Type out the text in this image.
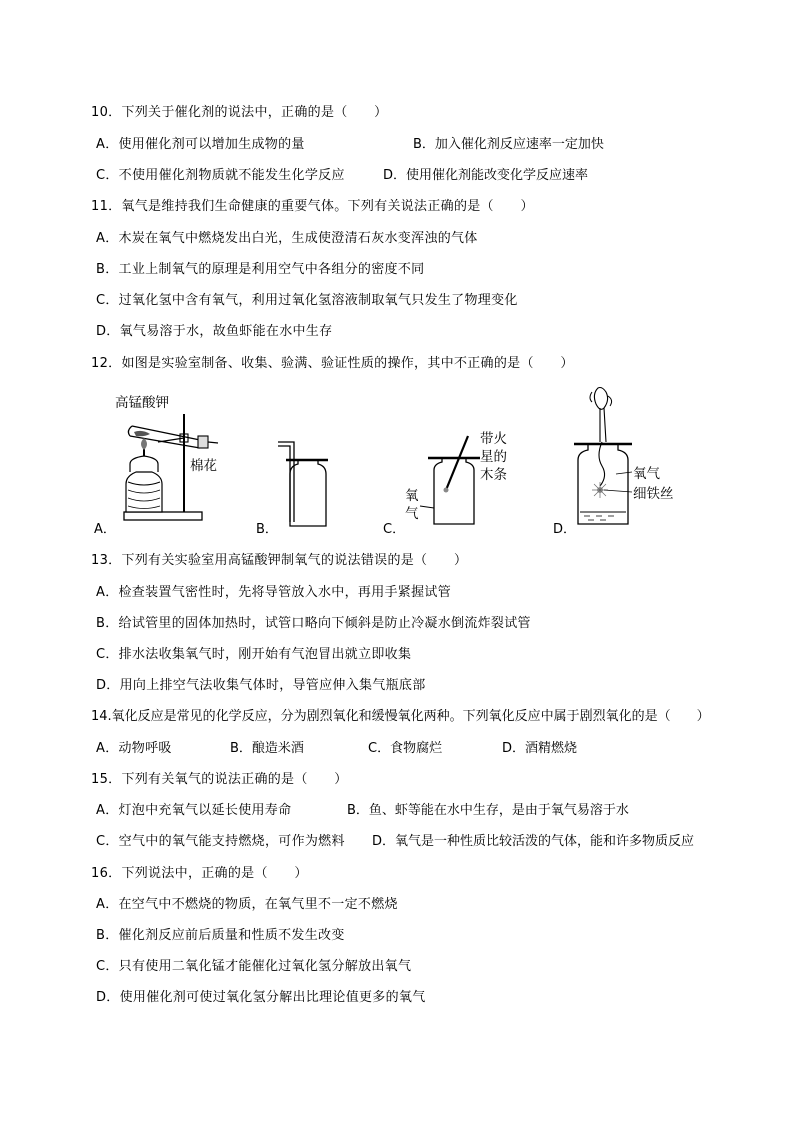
10．下列关于催化剂的说法中，正确的是（　　）
A．使用催化剂可以增加生成物的量	B．加入催化剂反应速率一定加快
C．不使用催化剂物质就不能发生化学反应	D．使用催化剂能改变化学反应速率
11．氧气是维持我们生命健康的重要气体。下列有关说法正确的是（　　）
A．木炭在氧气中燃烧发出白光，生成使澄清石灰水变浑浊的气体
B．工业上制氧气的原理是利用空气中各组分的密度不同
C．过氧化氢中含有氧气，利用过氧化氢溶液制取氧气只发生了物理变化
D．氧气易溶于水，故鱼虾能在水中生存
12．如图是实验室制备、收集、验满、验证性质的操作，其中不正确的是（　　）
高锰酸钾
棉花
A．	B．
带火
星的
木条
氧
气
C．
氧气
细铁丝
D．
13．下列有关实验室用高锰酸钾制氧气的说法错误的是（　　）
A．检查装置气密性时，先将导管放入水中，再用手紧握试管
B．给试管里的固体加热时，试管口略向下倾斜是防止冷凝水倒流炸裂试管
C．排水法收集氧气时，刚开始有气泡冒出就立即收集
D．用向上排空气法收集气体时，导管应伸入集气瓶底部
14.氧化反应是常见的化学反应，分为剧烈氧化和缓慢氧化两种。下列氧化反应中属于剧烈氧化的是（　　）
A．动物呼吸	B．酿造米酒	C．食物腐烂	D．酒精燃烧
15．下列有关氧气的说法正确的是（　　）
A．灯泡中充氧气以延长使用寿命	B．鱼、虾等能在水中生存，是由于氧气易溶于水
C．空气中的氧气能支持燃烧，可作为燃料 D．氧气是一种性质比较活泼的气体，能和许多物质反应
16．下列说法中，正确的是（　　）
A．在空气中不燃烧的物质，在氧气里不一定不燃烧
B．催化剂反应前后质量和性质不发生改变
C．只有使用二氧化锰才能催化过氧化氢分解放出氧气
D．使用催化剂可使过氧化氢分解出比理论值更多的氧气
